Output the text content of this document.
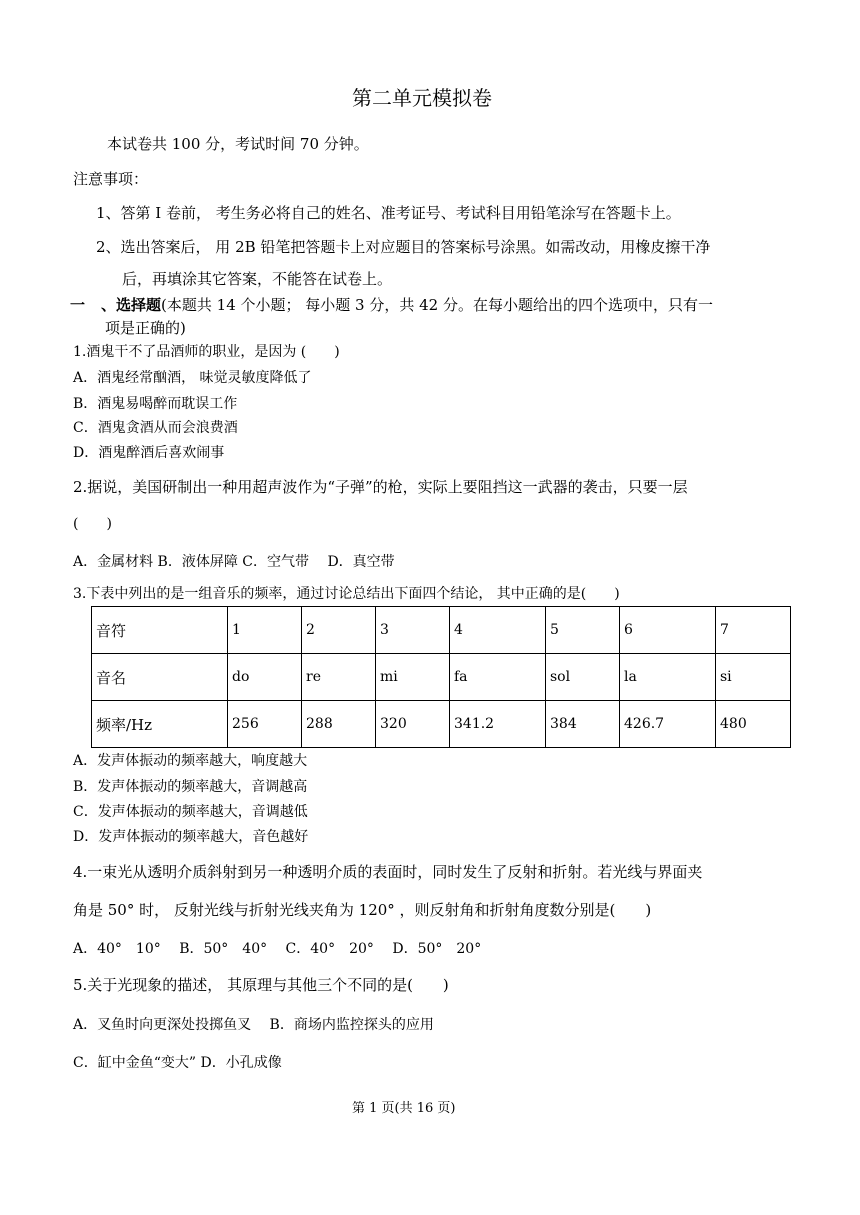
第二单元模拟卷
本试卷共 100 分，考试时间 70 分钟。
注意事项：
1、答第 I 卷前， 考生务必将自己的姓名、准考证号、考试科目用铅笔涂写在答题卡上。
2、选出答案后， 用 2B 铅笔把答题卡上对应题目的答案标号涂黑。如需改动，用橡皮擦干净
后，再填涂其它答案，不能答在试卷上。
一 、选择题(本题共 14 个小题； 每小题 3 分，共 42 分。在每小题给出的四个选项中，只有一
项是正确的)
1.酒鬼干不了品酒师的职业，是因为 (　　)
A．酒鬼经常酗酒， 味觉灵敏度降低了
B．酒鬼易喝醉而耽误工作
C．酒鬼贪酒从而会浪费酒
D．酒鬼醉酒后喜欢闹事
2.据说，美国研制出一种用超声波作为“子弹”的枪，实际上要阻挡这一武器的袭击，只要一层
(　　)
A．金属材料 B．液体屏障 C．空气带　 D．真空带
3.下表中列出的是一组音乐的频率，通过讨论总结出下面四个结论， 其中正确的是(　　)
音符	1	2	3	4	5	6	7
音名	do	re	mi	fa	sol	la	si
频率/Hz	256	288	320	341.2	384	426.7	480
A．发声体振动的频率越大，响度越大
B．发声体振动的频率越大，音调越高
C．发声体振动的频率越大，音调越低
D．发声体振动的频率越大，音色越好
4.一束光从透明介质斜射到另一种透明介质的表面时，同时发生了反射和折射。若光线与界面夹
角是 50° 时， 反射光线与折射光线夹角为 120° ，则反射角和折射角度数分别是(　　)
A．40°　10°　 B．50°　40°　 C．40°　20°　 D．50°　20°
5.关于光现象的描述， 其原理与其他三个不同的是(　　)
A．叉鱼时向更深处投掷鱼叉　 B．商场内监控探头的应用
C．缸中金鱼“变大” D．小孔成像
第 1 页(共 16 页)
